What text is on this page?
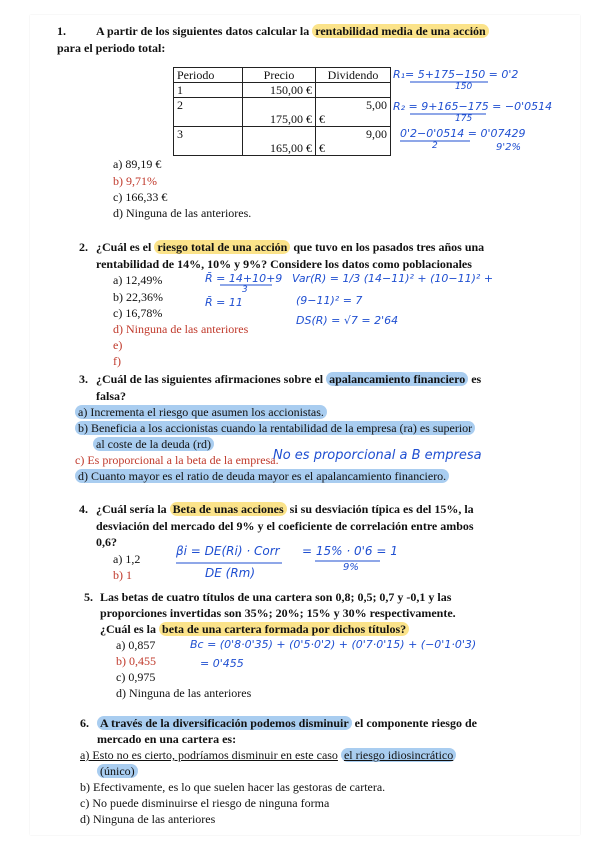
1.	A partir de los siguientes datos calcular la rentabilidad media de una acción
para el periodo total:
Periodo	Precio	Dividendo
1	150,00 €	
2	175,00 €	5,00
€

3	165,00 €	9,00
€
a) 89,19 €
b) 9,71%
c) 166,33 €
d) Ninguna de las anteriores.
2. ¿Cuál es el riesgo total de una acción que tuvo en los pasados tres años una
rentabilidad de 14%, 10% y 9%? Considere los datos como poblacionales
a) 12,49%
b) 22,36%
c) 16,78%
d) Ninguna de las anteriores
e)
f)
3. ¿Cuál de las siguientes afirmaciones sobre el apalancamiento financiero es
falsa?
a) Incrementa el riesgo que asumen los accionistas.
b) Beneficia a los accionistas cuando la rentabilidad de la empresa (ra) es superior
al coste de la deuda (rd)
c) Es proporcional a la beta de la empresa.
d) Cuanto mayor es el ratio de deuda mayor es el apalancamiento financiero.
4. ¿Cuál sería la Beta de unas acciones si su desviación típica es del 15%, la
desviación del mercado del 9% y el coeficiente de correlación entre ambos
0,6?
a) 1,2
b) 1
5. Las betas de cuatro títulos de una cartera son 0,8; 0,5; 0,7 y -0,1 y las
proporciones invertidas son 35%; 20%; 15% y 30% respectivamente.
¿Cuál es la beta de una cartera formada por dichos títulos?
a) 0,857
b) 0,455
c) 0,975
d) Ninguna de las anteriores
6. A través de la diversificación podemos disminuir el componente riesgo de
mercado en una cartera es:
a) Esto no es cierto, podríamos disminuir en este caso el riesgo idiosincrático
(único)
b) Efectivamente, es lo que suelen hacer las gestoras de cartera.
c) No puede disminuirse el riesgo de ninguna forma
d) Ninguna de las anteriores
R₁= 5+175−150 = 0'2
150
R₂ = 9+165−175 = −0'0514
175
0'2−0'0514 = 0'07429
2	9'2%
R̄ = 14+10+9
3
R̄ = 11
Var(R) = 1/3 (14−11)² + (10−11)² +
(9−11)² = 7
DS(R) = √7 = 2'64
No es proporcional a B empresa
βi = DE(Ri) · Corr
DE (Rm)
= 15% · 0'6 = 1
9%
Bc = (0'8·0'35) + (0'5·0'2) + (0'7·0'15) + (−0'1·0'3)
= 0'455
